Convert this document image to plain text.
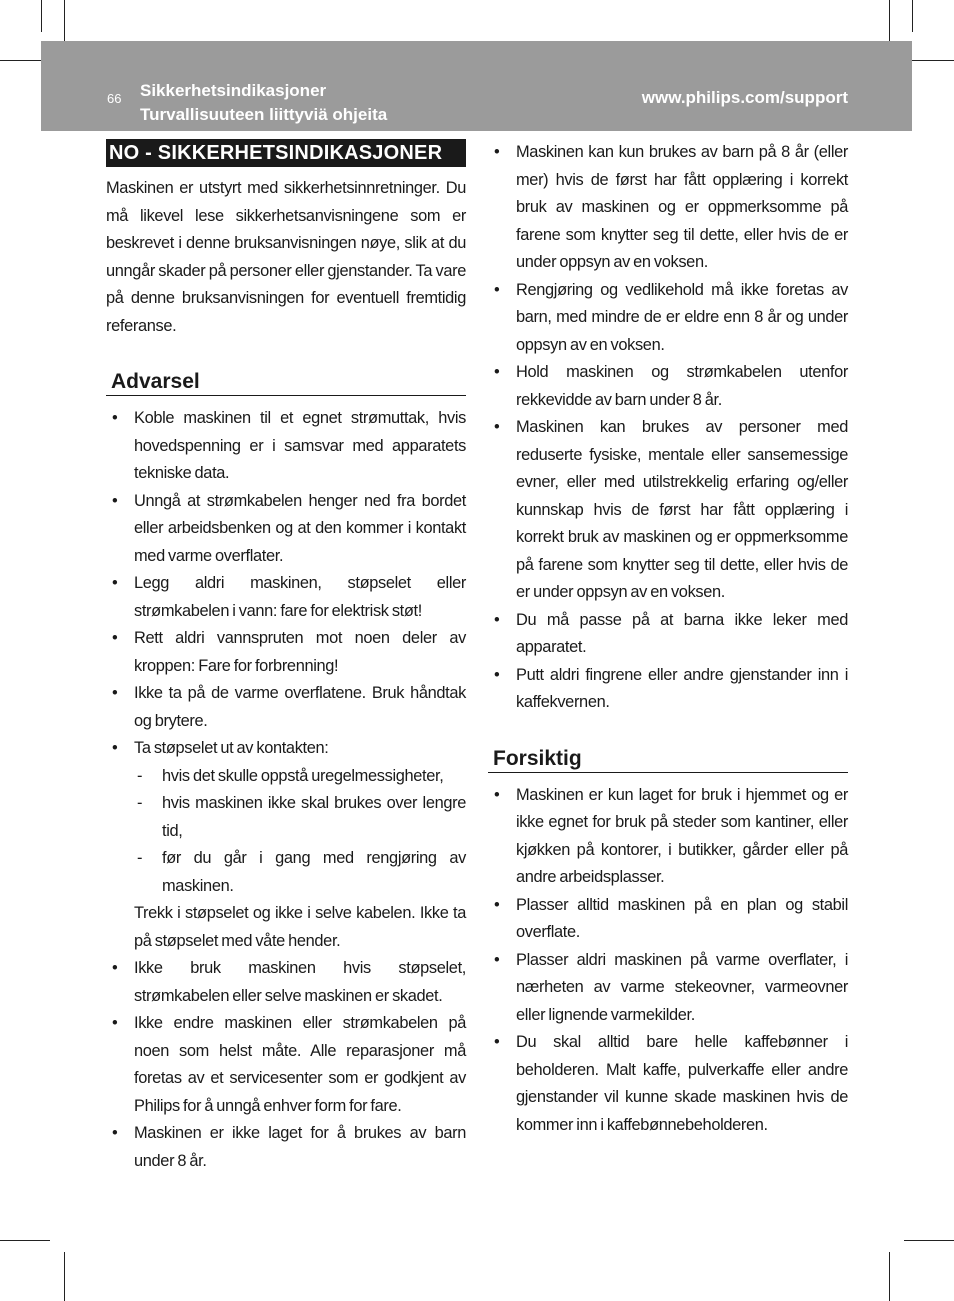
66 Sikkerhetsindikasjoner
Turvallisuuteen liittyviä ohjeita
www.philips.com/support
NO - SIKKERHETSINDIKASJONER

Maskinen er utstyrt med sikkerhetsinnretninger. Du må likevel lese sikkerhetsanvisningene som er beskrevet i denne bruksanvisningen nøye, slik at du unngår skader på personer eller gjenstander. Ta vare på denne bruksanvisningen for eventuell fremtidig referanse.

Advarsel
• Koble maskinen til et egnet strømuttak, hvis hovedspenning er i samsvar med apparatets tekniske data.
• Unngå at strømkabelen henger ned fra bordet eller arbeidsbenken og at den kommer i kontakt med varme overflater.
• Legg aldri maskinen, støpselet eller strømkabelen i vann: fare for elektrisk støt!
• Rett aldri vannspruten mot noen deler av kroppen: Fare for forbrenning!
• Ikke ta på de varme overflatene. Bruk håndtak og brytere.
• Ta støpselet ut av kontakten:
- hvis det skulle oppstå uregelmessigheter,
- hvis maskinen ikke skal brukes over lengre tid,
- før du går i gang med rengjøring av maskinen.
Trekk i støpselet og ikke i selve kabelen. Ikke ta på støpselet med våte hender.
• Ikke bruk maskinen hvis støpselet, strømkabelen eller selve maskinen er skadet.
• Ikke endre maskinen eller strømkabelen på noen som helst måte. Alle reparasjoner må foretas av et servicesenter som er godkjent av Philips for å unngå enhver form for fare.
• Maskinen er ikke laget for å brukes av barn under 8 år.
• Maskinen kan kun brukes av barn på 8 år (eller mer) hvis de først har fått opplæring i korrekt bruk av maskinen og er oppmerksomme på farene som knytter seg til dette, eller hvis de er under oppsyn av en voksen.
• Rengjøring og vedlikehold må ikke foretas av barn, med mindre de er eldre enn 8 år og under oppsyn av en voksen.
• Hold maskinen og strømkabelen utenfor rekkevidde av barn under 8 år.
• Maskinen kan brukes av personer med reduserte fysiske, mentale eller sansemessige evner, eller med utilstrekkelig erfaring og/eller kunnskap hvis de først har fått opplæring i korrekt bruk av maskinen og er oppmerksomme på farene som knytter seg til dette, eller hvis de er under oppsyn av en voksen.
• Du må passe på at barna ikke leker med apparatet.
• Putt aldri fingrene eller andre gjenstander inn i kaffekvernen.
Forsiktig
• Maskinen er kun laget for bruk i hjemmet og er ikke egnet for bruk på steder som kantiner, eller kjøkken på kontorer, i butikker, gårder eller på andre arbeidsplasser.
• Plasser alltid maskinen på en plan og stabil overflate.
• Plasser aldri maskinen på varme overflater, i nærheten av varme stekeovner, varmeovner eller lignende varmekilder.
• Du skal alltid bare helle kaffebønner i beholderen. Malt kaffe, pulverkaffe eller andre gjenstander vil kunne skade maskinen hvis de kommer inn i kaffebønnebeholderen.
